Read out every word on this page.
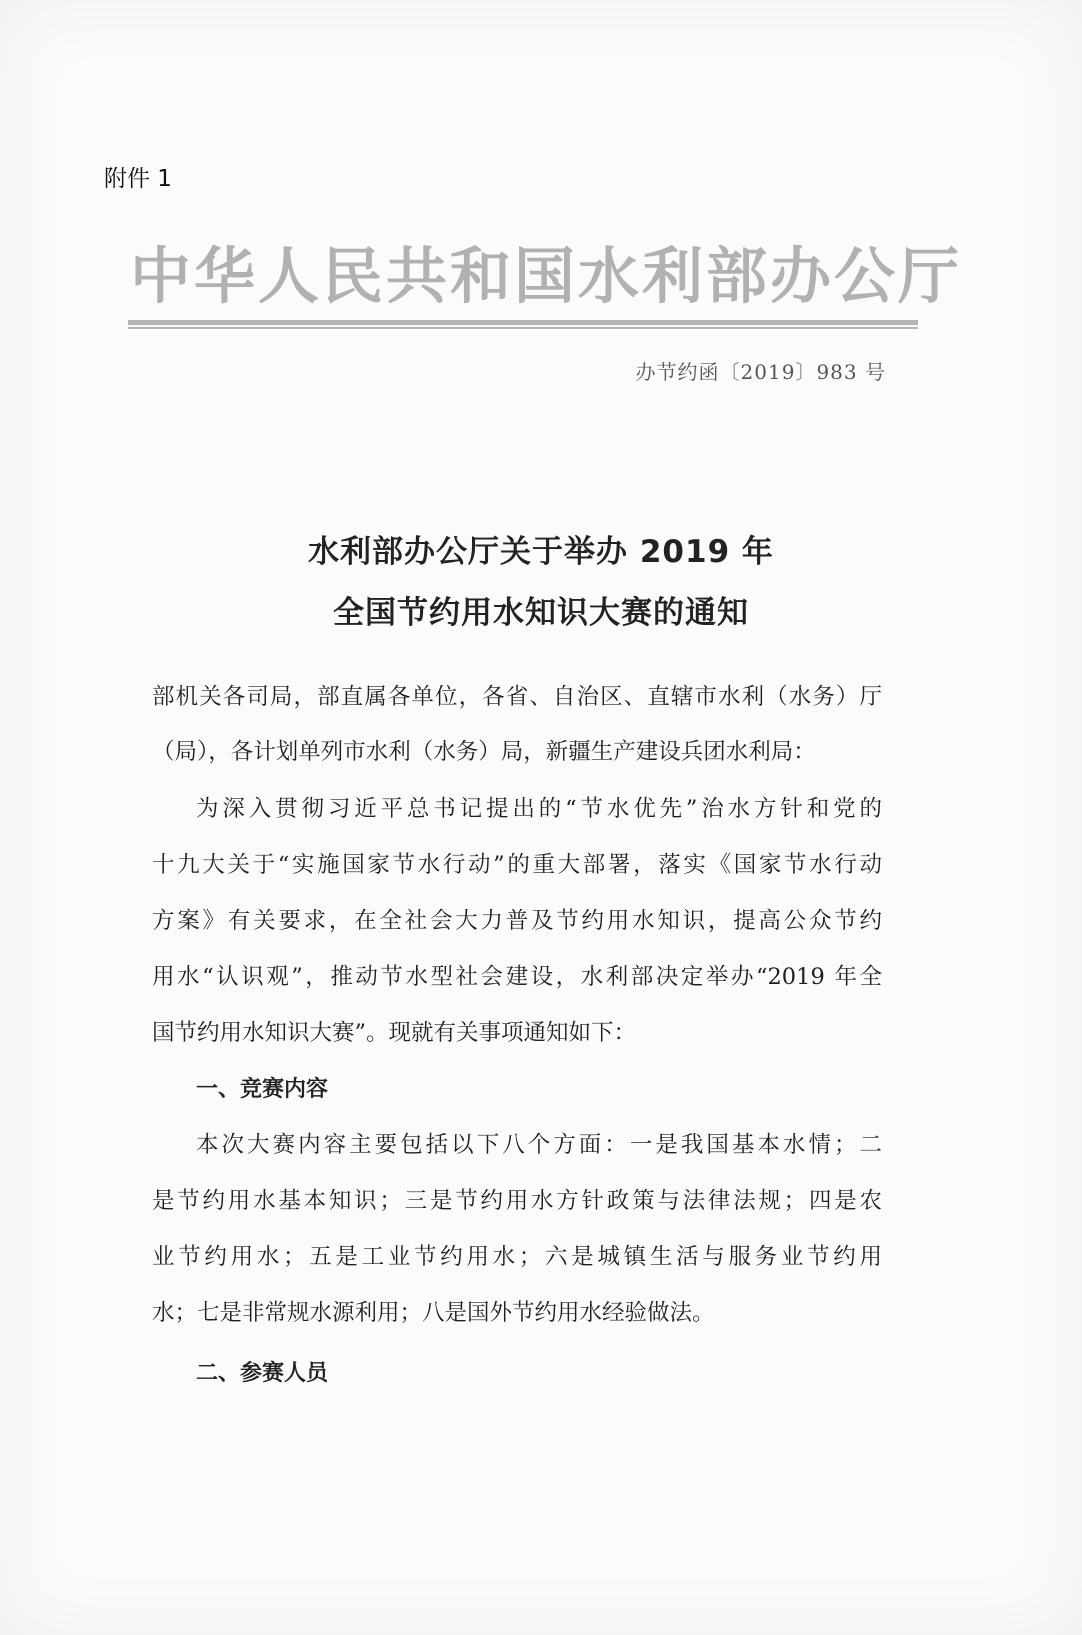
附件 1
中华人民共和国水利部办公厅
办节约函〔2019〕983 号
水利部办公厅关于举办 2019 年
全国节约用水知识大赛的通知
部机关各司局，部直属各单位，各省、自治区、直辖市水利（水务）厅
（局），各计划单列市水利（水务）局，新疆生产建设兵团水利局：
为深入贯彻习近平总书记提出的“节水优先”治水方针和党的
十九大关于“实施国家节水行动”的重大部署，落实《国家节水行动
方案》有关要求，在全社会大力普及节约用水知识，提高公众节约
用水“认识观”，推动节水型社会建设，水利部决定举办“2019 年全
国节约用水知识大赛”。现就有关事项通知如下：
一、竞赛内容
本次大赛内容主要包括以下八个方面：一是我国基本水情；二
是节约用水基本知识；三是节约用水方针政策与法律法规；四是农
业节约用水；五是工业节约用水；六是城镇生活与服务业节约用
水；七是非常规水源利用；八是国外节约用水经验做法。
二、参赛人员
